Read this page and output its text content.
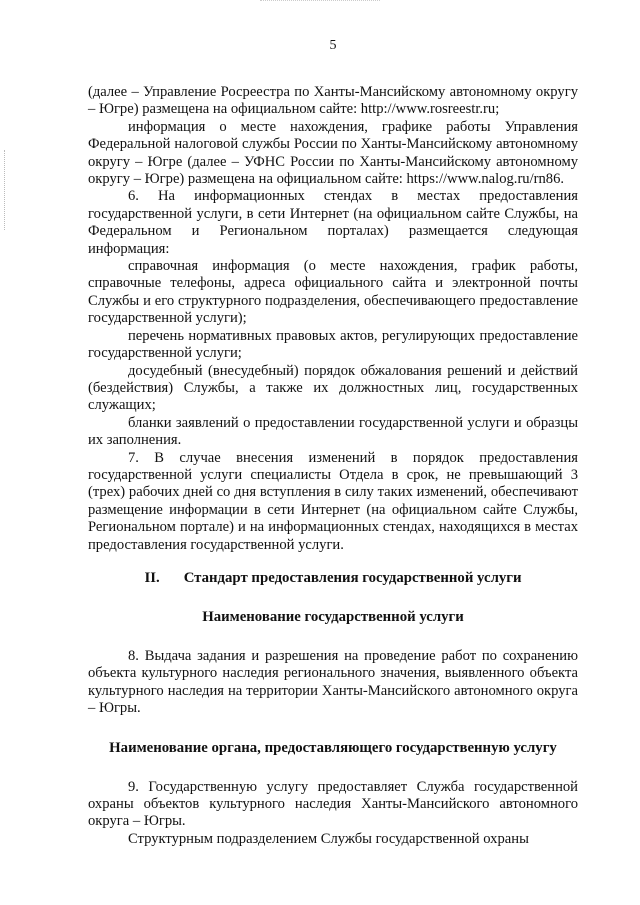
5

(далее – Управление Росреестра по Ханты-Мансийскому автономному округу – Югре) размещена на официальном сайте: http://www.rosreestr.ru;

информация о месте нахождения, графике работы Управления Федеральной налоговой службы России по Ханты-Мансийскому автономному округу – Югре (далее – УФНС России по Ханты-Мансийскому автономному округу – Югре) размещена на официальном сайте: https://www.nalog.ru/rn86.

6. На информационных стендах в местах предоставления государственной услуги, в сети Интернет (на официальном сайте Службы, на Федеральном и Региональном порталах) размещается следующая информация:

справочная информация (о месте нахождения, график работы, справочные телефоны, адреса официального сайта и электронной почты Службы и его структурного подразделения, обеспечивающего предоставление государственной услуги);

перечень нормативных правовых актов, регулирующих предоставление государственной услуги;

досудебный (внесудебный) порядок обжалования решений и действий (бездействия) Службы, а также их должностных лиц, государственных служащих;

бланки заявлений о предоставлении государственной услуги и образцы их заполнения.

7. В случае внесения изменений в порядок предоставления государственной услуги специалисты Отдела в срок, не превышающий 3 (трех) рабочих дней со дня вступления в силу таких изменений, обеспечивают размещение информации в сети Интернет (на официальном сайте Службы, Региональном портале) и на информационных стендах, находящихся в местах предоставления государственной услуги.

II. Стандарт предоставления государственной услуги
Наименование государственной услуги

8. Выдача задания и разрешения на проведение работ по сохранению объекта культурного наследия регионального значения, выявленного объекта культурного наследия на территории Ханты-Мансийского автономного округа – Югры.

Наименование органа, предоставляющего государственную услугу

9. Государственную услугу предоставляет Служба государственной охраны объектов культурного наследия Ханты-Мансийского автономного округа – Югры.

Структурным подразделением Службы государственной охраны
